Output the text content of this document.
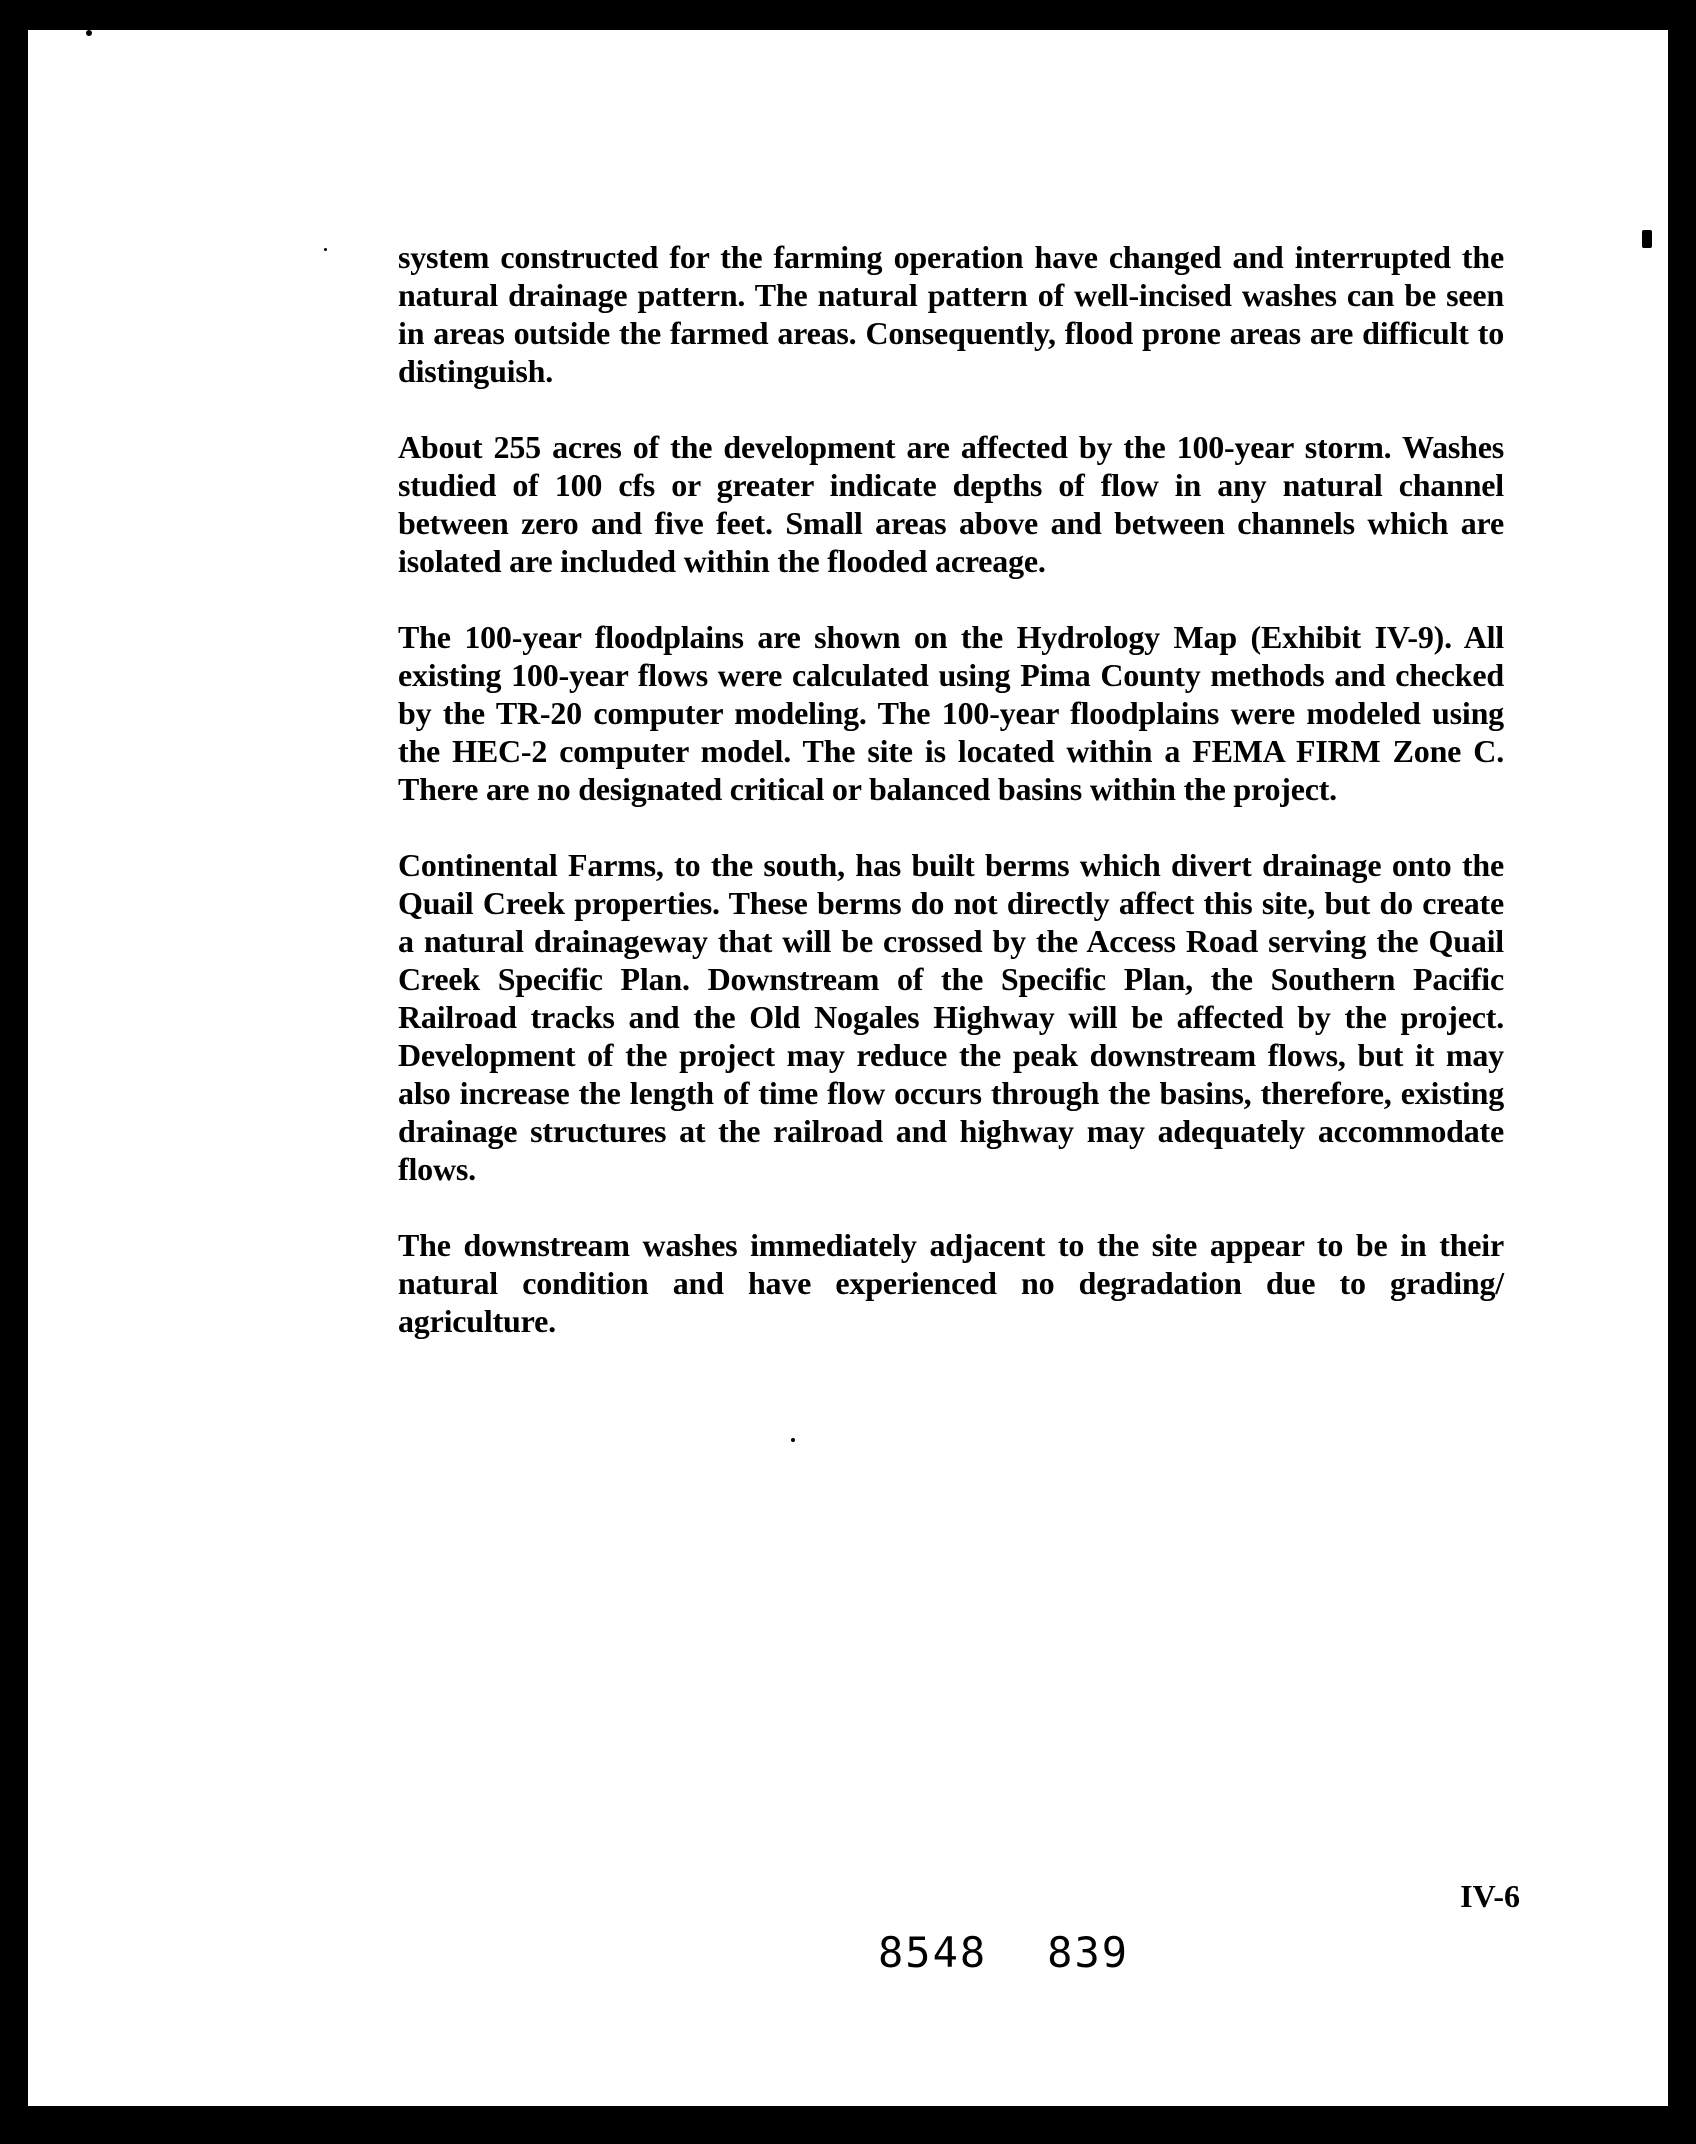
system constructed for the farming operation have changed and interrupted the natural drainage pattern. The natural pattern of well-incised washes can be seen in areas outside the farmed areas. Consequently, flood prone areas are difficult to distinguish.

About 255 acres of the development are affected by the 100-year storm. Washes studied of 100 cfs or greater indicate depths of flow in any natural channel between zero and five feet. Small areas above and between channels which are isolated are included within the flooded acreage.

The 100-year floodplains are shown on the Hydrology Map (Exhibit IV-9). All existing 100-year flows were calculated using Pima County methods and checked by the TR-20 computer modeling. The 100-year floodplains were modeled using the HEC-2 computer model. The site is located within a FEMA FIRM Zone C. There are no designated critical or balanced basins within the project.

Continental Farms, to the south, has built berms which divert drainage onto the Quail Creek properties. These berms do not directly affect this site, but do create a natural drainageway that will be crossed by the Access Road serving the Quail Creek Specific Plan. Downstream of the Specific Plan, the Southern Pacific Railroad tracks and the Old Nogales Highway will be affected by the project. Development of the project may reduce the peak downstream flows, but it may also increase the length of time flow occurs through the basins, therefore, existing drainage structures at the railroad and highway may adequately accommodate flows.

The downstream washes immediately adjacent to the site appear to be in their natural condition and have experienced no degradation due to grading/ agriculture.

IV-6
8548 839
